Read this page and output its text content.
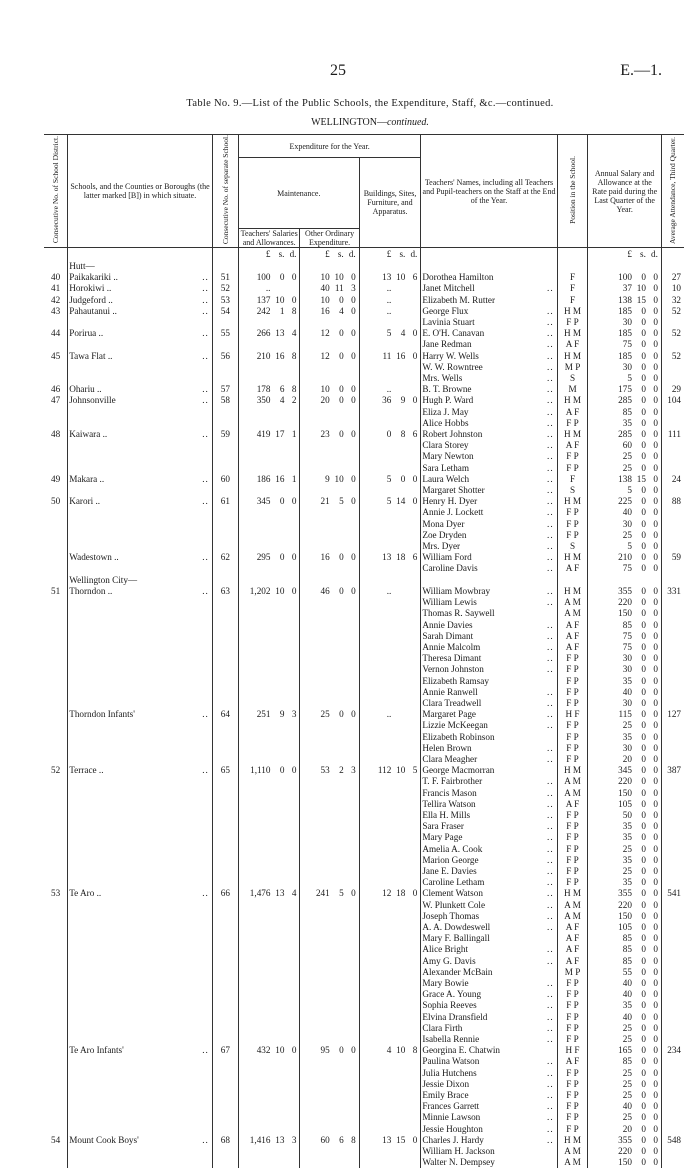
25	E.—1.
Table No. 9.—List of the Public Schools, the Expenditure, Staff, &c.—continued.
WELLINGTON—continued.
Consecutive No. of School District.	Schools, and the Counties or Boroughs (the latter marked [B]) in which situate.	Consecutive No. of separate School.	Expenditure for the Year.			Teachers' Names, including all Teachers and Pupil-teachers on the Staff at the End of the Year.	Position in the School.	Annual Salary and Allowance at the Rate paid during the Last Quarter of the Year.	Average Attendance, Third Quarter.
			Maintenance.		Buildings, Sites, Furniture, and Apparatus.				
			Teachers' Salaries and Allowances.	Other Ordinary Expenditure.					

			£ s. d.	£ s. d.	£ s. d.			£ s. d.	

	Hutt—								

40	Paikakariki .. ..	51	100 0 0	10 10 0	13 10 6	Dorothea Hamilton	F	100 0 0	27
41	Horokiwi .. ..	52	..	40 11 3	..	Janet Mitchell ..	F	37 10 0	10
42	Judgeford .. ..	53	137 10 0	10 0 0	..	Elizabeth M. Rutter	F	138 15 0	32
43	Pahautanui .. ..	54	242 1 8	16 4 0	..	George Flux ..	H M	185 0 0	52

						Lavinia Stuart ..	F P	30 0 0	

44	Porirua .. ..	55	266 13 4	12 0 0	5 4 0	E. O'H. Canavan ..	H M	185 0 0	52

						Jane Redman ..	A F	75 0 0	

45	Tawa Flat .. ..	56	210 16 8	12 0 0	11 16 0	Harry W. Wells ..	H M	185 0 0	52

						W. W. Rowntree ..	M P	30 0 0	

						Mrs. Wells ..	S	5 0 0	

46	Ohariu .. ..	57	178 6 8	10 0 0	..	B. T. Browne ..	M	175 0 0	29
47	Johnsonville ..	58	350 4 2	20 0 0	36 9 0	Hugh P. Ward ..	H M	285 0 0	104

						Eliza J. May ..	A F	85 0 0	

						Alice Hobbs ..	F P	35 0 0	

48	Kaiwara .. ..	59	419 17 1	23 0 0	0 8 6	Robert Johnston ..	H M	285 0 0	111

						Clara Storey ..	A F	60 0 0	

						Mary Newton ..	F P	25 0 0	

						Sara Letham ..	F P	25 0 0	

49	Makara .. ..	60	186 16 1	9 10 0	5 0 0	Laura Welch ..	F	138 15 0	24

						Margaret Shotter ..	S	5 0 0	

50	Karori .. ..	61	345 0 0	21 5 0	5 14 0	Henry H. Dyer ..	H M	225 0 0	88

						Annie J. Lockett ..	F P	40 0 0	

						Mona Dyer ..	F P	30 0 0	

						Zoe Dryden ..	F P	25 0 0	

						Mrs. Dyer ..	S	5 0 0	

	Wadestown .. ..	62	295 0 0	16 0 0	13 18 6	William Ford ..	H M	210 0 0	59

						Caroline Davis ..	A F	75 0 0	

	Wellington City—								

51	Thorndon .. ..	63	1,202 10 0	46 0 0	..	William Mowbray ..	H M	355 0 0	331

						William Lewis ..	A M	220 0 0	

						Thomas R. Saywell	A M	150 0 0	

						Annie Davies ..	A F	85 0 0	

						Sarah Dimant ..	A F	75 0 0	

						Annie Malcolm ..	A F	75 0 0	

						Theresa Dimant ..	F P	30 0 0	

						Vernon Johnston ..	F P	30 0 0	

						Elizabeth Ramsay	F P	35 0 0	

						Annie Ranwell ..	F P	40 0 0	

						Clara Treadwell ..	F P	30 0 0	

	Thorndon Infants' ..	64	251 9 3	25 0 0	..	Margaret Page ..	H F	115 0 0	127

						Lizzie McKeegan ..	F P	25 0 0	

						Elizabeth Robinson	F P	35 0 0	

						Helen Brown ..	F P	30 0 0	

						Clara Meagher ..	F P	20 0 0	

52	Terrace .. ..	65	1,110 0 0	53 2 3	112 10 5	George Macmorran	H M	345 0 0	387

						T. F. Fairbrother ..	A M	220 0 0	

						Francis Mason ..	A M	150 0 0	

						Tellira Watson ..	A F	105 0 0	

						Ella H. Mills ..	F P	50 0 0	

						Sara Fraser ..	F P	35 0 0	

						Mary Page ..	F P	35 0 0	

						Amelia A. Cook ..	F P	25 0 0	

						Marion George ..	F P	35 0 0	

						Jane E. Davies ..	F P	25 0 0	

						Caroline Letham ..	F P	35 0 0	

53	Te Aro .. ..	66	1,476 13 4	241 5 0	12 18 0	Clement Watson ..	H M	355 0 0	541

						W. Plunkett Cole ..	A M	220 0 0	

						Joseph Thomas ..	A M	150 0 0	

						A. A. Dowdeswell ..	A F	105 0 0	

						Mary F. Ballingall	A F	85 0 0	

						Alice Bright ..	A F	85 0 0	

						Amy G. Davis ..	A F	85 0 0	

						Alexander McBain	M P	55 0 0	

						Mary Bowie ..	F P	40 0 0	

						Grace A. Young ..	F P	40 0 0	

						Sophia Reeves ..	F P	35 0 0	

						Elvina Dransfield ..	F P	40 0 0	

						Clara Firth ..	F P	25 0 0	

						Isabella Rennie ..	F P	25 0 0	

	Te Aro Infants' ..	67	432 10 0	95 0 0	4 10 8	Georgina E. Chatwin	H F	165 0 0	234

						Paulina Watson ..	A F	85 0 0	

						Julia Hutchens ..	F P	25 0 0	

						Jessie Dixon ..	F P	25 0 0	

						Emily Brace ..	F P	25 0 0	

						Frances Garrett ..	F P	40 0 0	

						Minnie Lawson ..	F P	25 0 0	

						Jessie Houghton ..	F P	20 0 0	

54	Mount Cook Boys' ..	68	1,416 13 3	60 6 8	13 15 0	Charles J. Hardy ..	H M	355 0 0	548

						William H. Jackson	A M	220 0 0	

						Walter N. Dempsey	A M	150 0 0	
